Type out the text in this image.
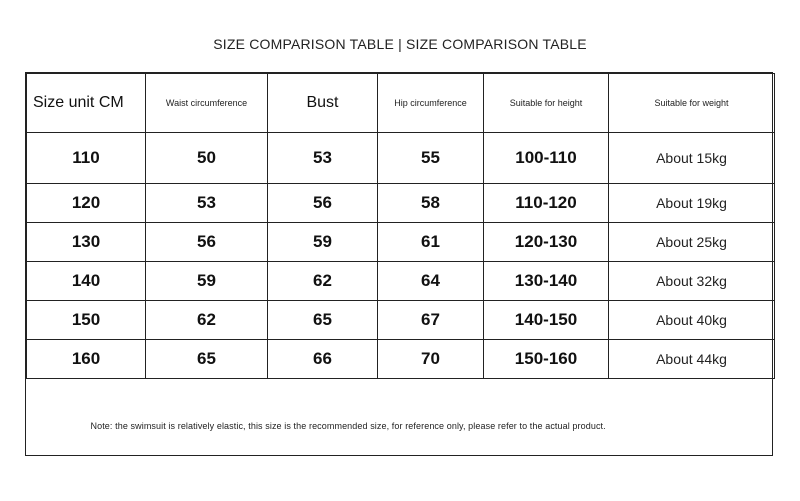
SIZE COMPARISON TABLE | SIZE COMPARISON TABLE
Size unit CM	Waist circumference	Bust	Hip circumference	Suitable for height	Suitable for weight
110	50	53	55	100-110	About 15kg
120	53	56	58	110-120	About 19kg
130	56	59	61	120-130	About 25kg
140	59	62	64	130-140	About 32kg
150	62	65	67	140-150	About 40kg
160	65	66	70	150-160	About 44kg
Note: the swimsuit is relatively elastic, this size is the recommended size, for reference only, please refer to the actual product.					
